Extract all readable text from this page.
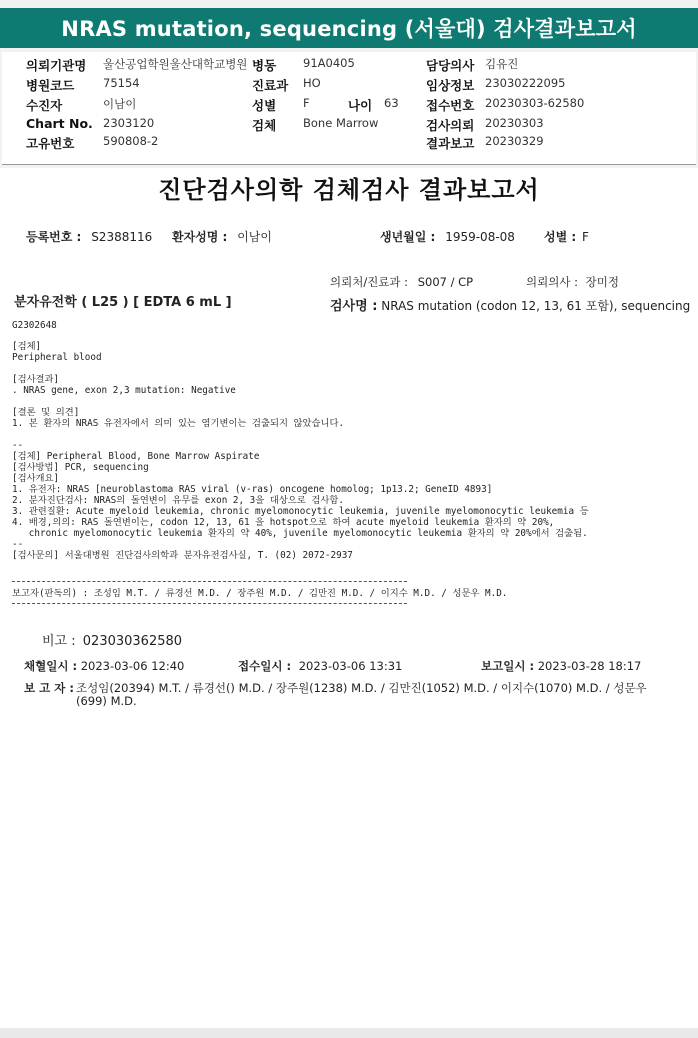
NRAS mutation, sequencing (서울대) 검사결과보고서
의뢰기관명 울산공업학원울산대학교병원 병동 91A0405	담당의사 김유진
병원코드 75154	진료과 HO	임상정보 23030222095
수진자	이남이	성별 F	나이 63 접수번호 20230303-62580
Chart No. 2303120	검체 Bone Marrow	검사의뢰 20230303
고유번호 590808-2	결과보고 20230329
진단검사의학 검체검사 결과보고서
등록번호 : S2388116 환자성명 : 이남이	생년월일 : 1959-08-08 성별 : F
의뢰처/진료과 : S007 / CP	의뢰의사 : 장미정
분자유전학 ( L25 ) [ EDTA 6 mL ]	검사명 : NRAS mutation (codon 12, 13, 61 포함), sequencing
G2302648
[검체]
Peripheral blood

[검사결과]
. NRAS gene, exon 2,3 mutation: Negative

[결론 및 의견]
1. 본 환자의 NRAS 유전자에서 의미 있는 염기변이는 검출되지 않았습니다.

--
[검체] Peripheral Blood, Bone Marrow Aspirate
[검사방법] PCR, sequencing
[검사개요]
1. 유전자: NRAS [neuroblastoma RAS viral (v-ras) oncogene homolog; 1p13.2; GeneID 4893]
2. 분자진단검사: NRAS의 돌연변이 유무를 exon 2, 3을 대상으로 검사함.
3. 관련질환: Acute myeloid leukemia, chronic myelomonocytic leukemia, juvenile myelomonocytic leukemia 등
4. 배경,의의: RAS 돌연변이는, codon 12, 13, 61 을 hotspot으로 하여 acute myeloid leukemia 환자의 약 20%,
chronic myelomonocytic leukemia 환자의 약 40%, juvenile myelomonocytic leukemia 환자의 약 20%에서 검출됨.
--
[검사문의] 서울대병원 진단검사의학과 분자유전검사실, T. (02) 2072-2937
보고자(판독의) : 조성임 M.T. / 류경선 M.D. / 장주원 M.D. / 김만진 M.D. / 이지수 M.D. / 성문우 M.D.
비고 : 023030362580
채혈일시 : 2023-03-06 12:40	접수일시 : 2023-03-06 13:31	보고일시 : 2023-03-28 18:17
보 고 자 : 조성임(20394) M.T. / 류경선() M.D. / 장주원(1238) M.D. / 김만진(1052) M.D. / 이지수(1070) M.D. / 성문우 (699) M.D.
